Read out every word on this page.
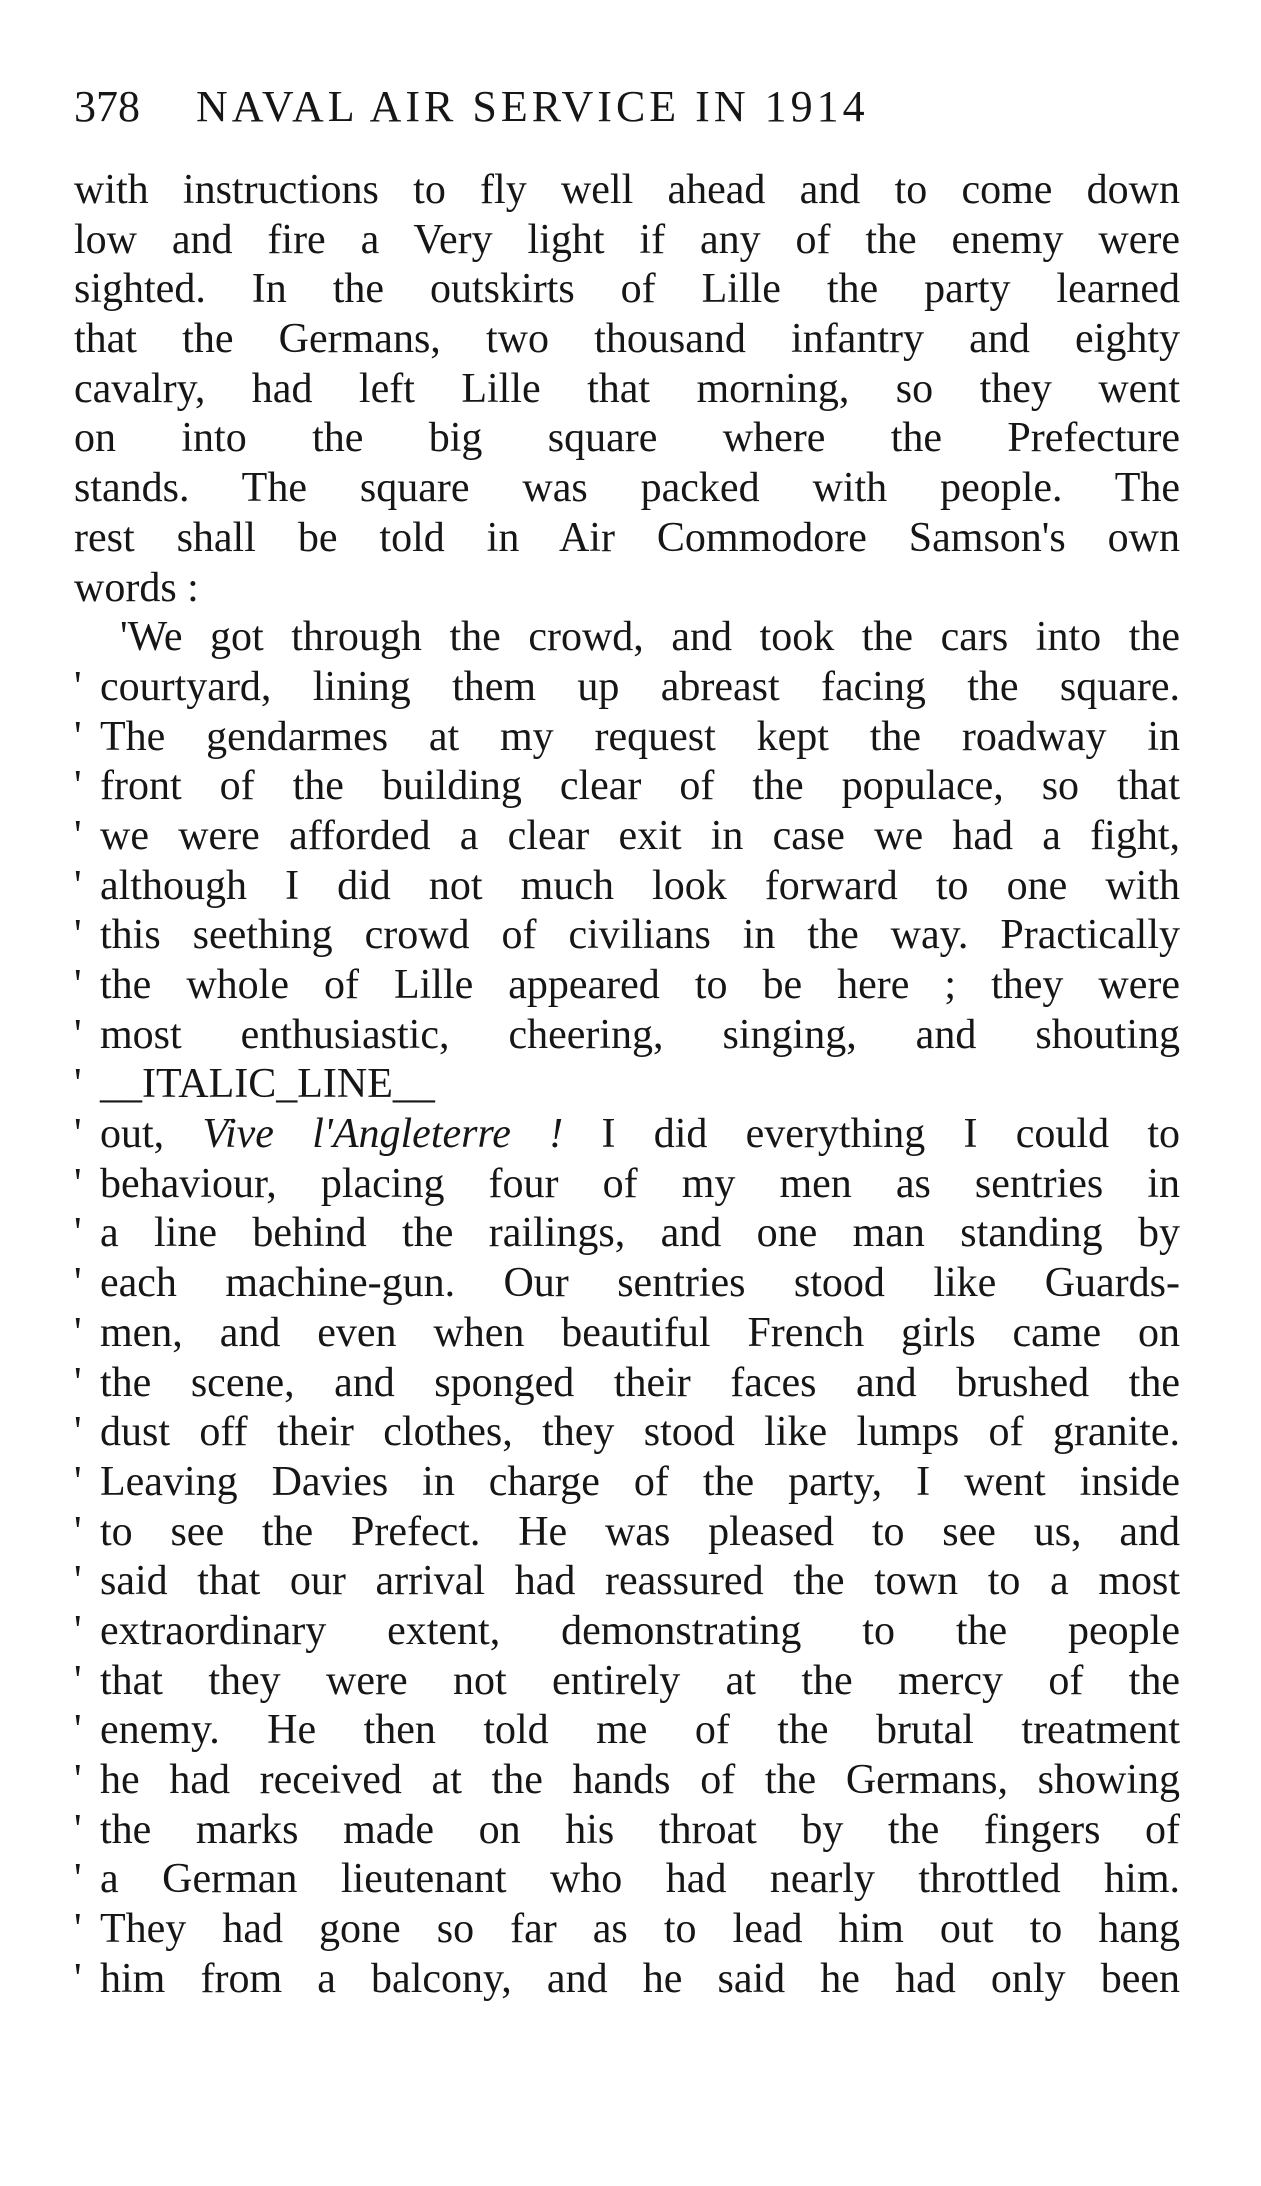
378 NAVAL AIR SERVICE IN 1914
with instructions to fly well ahead and to come down
low and fire a Very light if any of the enemy were
sighted. In the outskirts of Lille the party learned
that the Germans, two thousand infantry and eighty
cavalry, had left Lille that morning, so they went
on into the big square where the Prefecture
stands. The square was packed with people. The
rest shall be told in Air Commodore Samson's own
words :
'We got through the crowd, and took the cars into the
' courtyard, lining them up abreast facing the square.
' The gendarmes at my request kept the roadway in
' front of the building clear of the populace, so that
' we were afforded a clear exit in case we had a fight,
' although I did not much look forward to one with
' this seething crowd of civilians in the way. Practically
' the whole of Lille appeared to be here ; they were
' most enthusiastic, cheering, singing, and shouting
' __ITALIC_LINE__
' out, Vive l'Angleterre ! I did everything I could to
' behaviour, placing four of my men as sentries in
' a line behind the railings, and one man standing by
' each machine-gun. Our sentries stood like Guards-
' men, and even when beautiful French girls came on
' the scene, and sponged their faces and brushed the
' dust off their clothes, they stood like lumps of granite.
' Leaving Davies in charge of the party, I went inside
' to see the Prefect. He was pleased to see us, and
' said that our arrival had reassured the town to a most
' extraordinary extent, demonstrating to the people
' that they were not entirely at the mercy of the
' enemy. He then told me of the brutal treatment
' he had received at the hands of the Germans, showing
' the marks made on his throat by the fingers of
' a German lieutenant who had nearly throttled him.
' They had gone so far as to lead him out to hang
' him from a balcony, and he said he had only been
